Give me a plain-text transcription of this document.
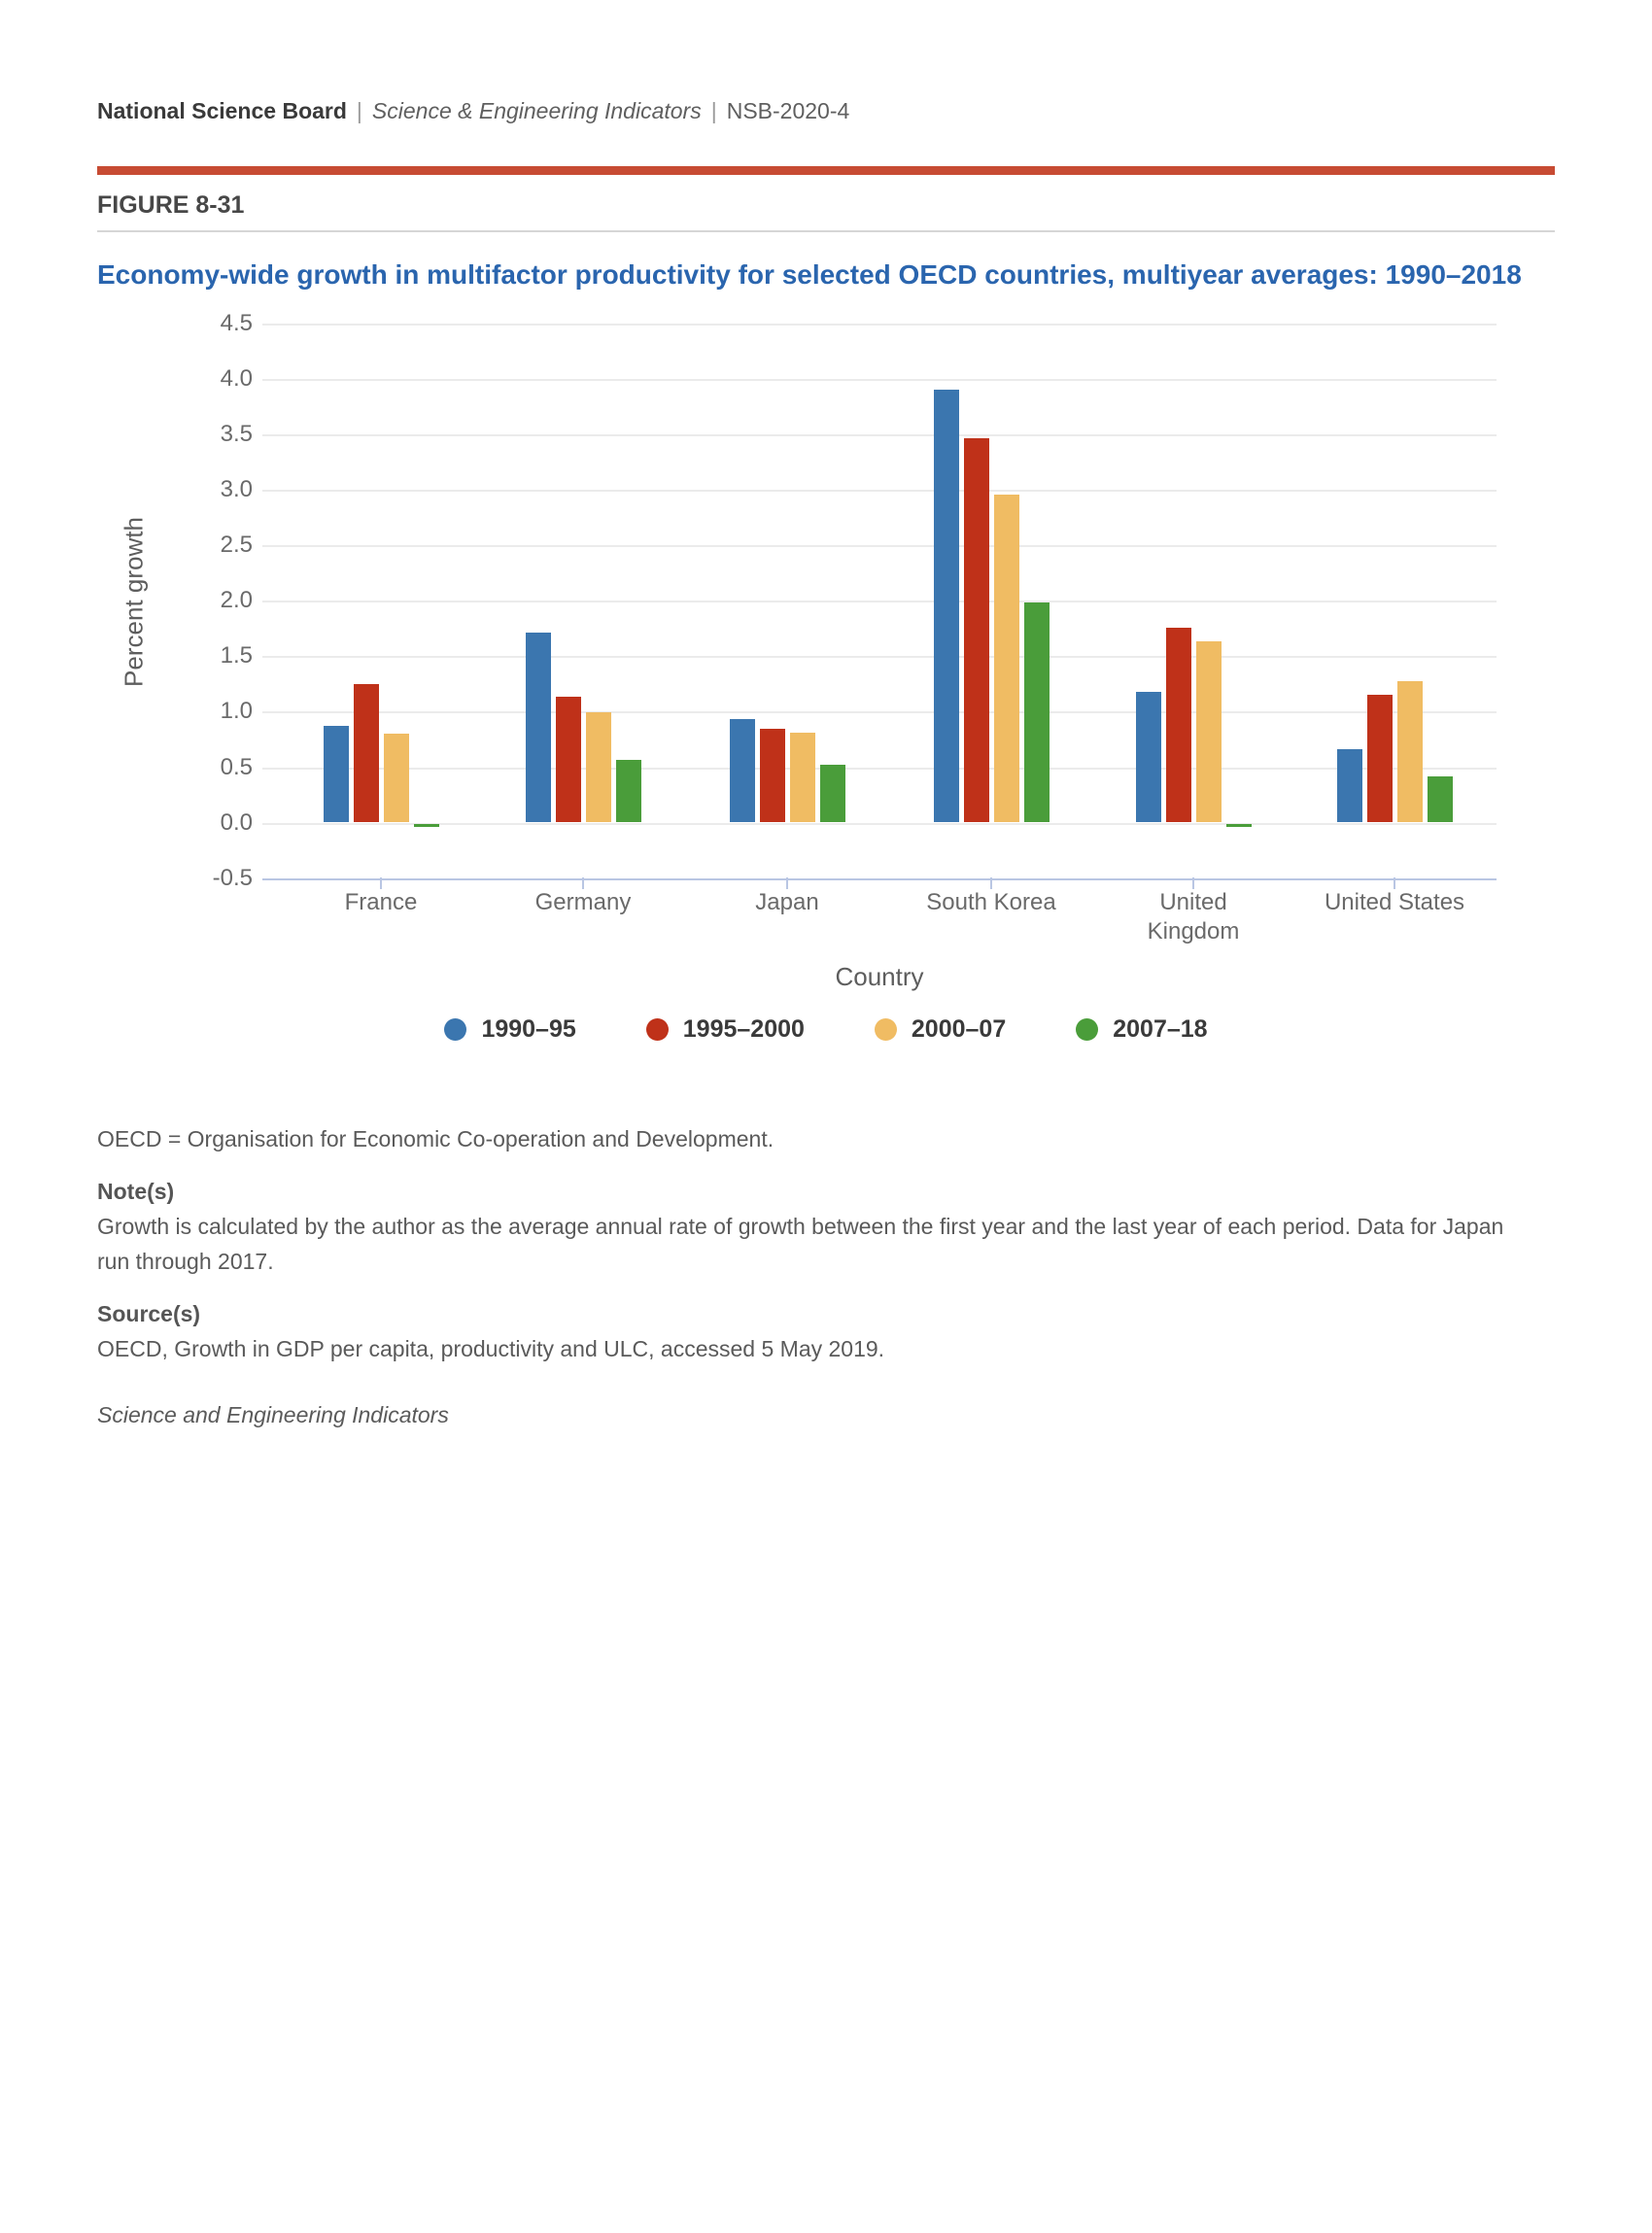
National Science Board | Science & Engineering Indicators | NSB-2020-4
FIGURE 8-31
Economy-wide growth in multifactor productivity for selected OECD countries, multiyear averages: 1990–2018
Percent growth
Country
1990–95	1995–2000	2000–07	2007–18
4.5
4.0
3.5
3.0
2.5
2.0
1.5
1.0
0.5
0.0
-0.5
France	Germany	Japan	South Korea	United Kingdom
United States
OECD = Organisation for Economic Co-operation and Development.
Note(s)
Growth is calculated by the author as the average annual rate of growth between the first year and the last year of each period. Data for Japan run through 2017.
Source(s)
OECD, Growth in GDP per capita, productivity and ULC, accessed 5 May 2019.
Science and Engineering Indicators
